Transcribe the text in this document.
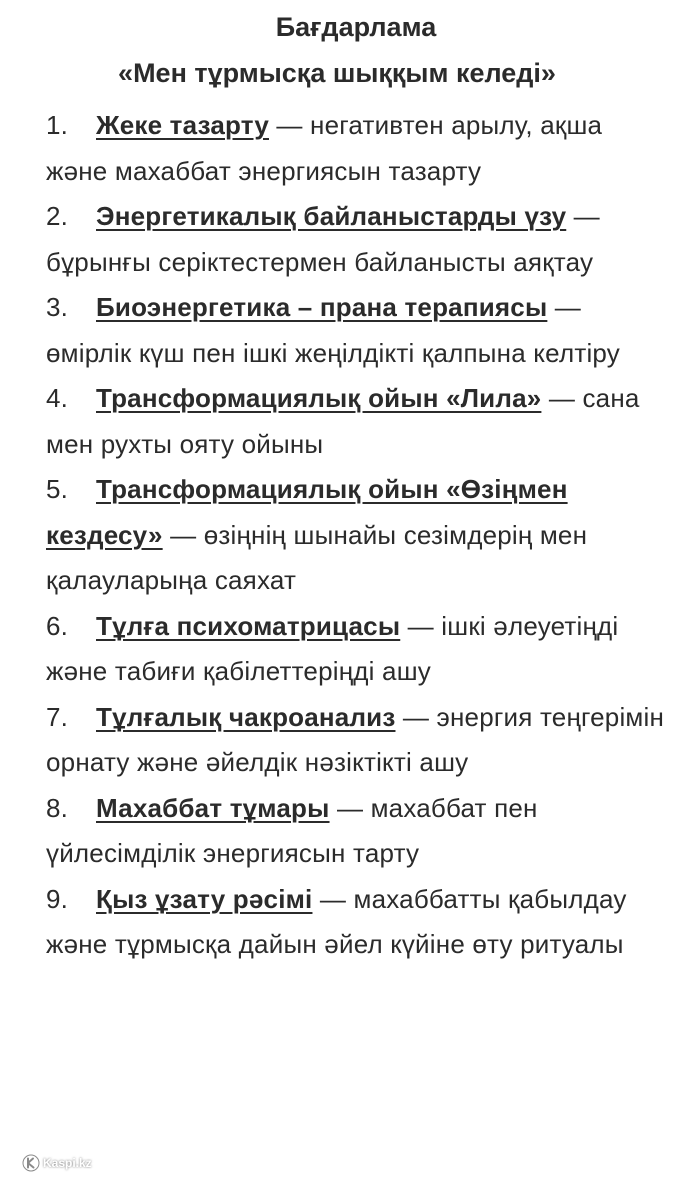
Бағдарлама
«Мен тұрмысқа шыққым келеді»
1. Жеке тазарту — негативтен арылу, ақша және махаббат энергиясын тазарту
2. Энергетикалық байланыстарды үзу — бұрынғы серіктестермен байланысты аяқтау
3. Биоэнергетика – прана терапиясы — өмірлік күш пен ішкі жеңілдікті қалпына келтіру
4. Трансформациялық ойын «Лила» — сана мен рухты ояту ойыны
5. Трансформациялық ойын «Өзіңмен кездесу» — өзіңнің шынайы сезімдерің мен қалауларыңа саяхат
6. Тұлға психоматрицасы — ішкі әлеуетіңді және табиғи қабілеттеріңді ашу
7. Тұлғалық чакроанализ — энергия теңгерімін орнату және әйелдік нәзіктікті ашу
8. Махаббат тұмары — махаббат пен үйлесімділік энергиясын тарту
9. Қыз ұзату рәсімі — махаббатты қабылдау және тұрмысқа дайын әйел күйіне өту ритуалы
Kaspi.kz
